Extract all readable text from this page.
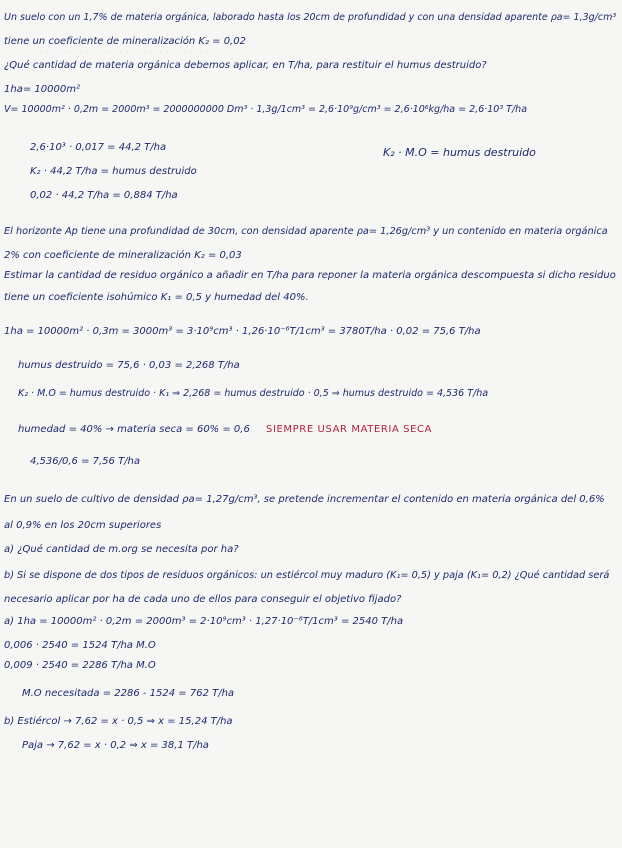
· · · · · · · · · · · · · · · · · · · · · · · · · · · · · · · ·
Un suelo con un 1,7% de materia orgánica, laborado hasta los 20cm de profundidad y con una densidad aparente ρa= 1,3g/cm³
tiene un coeficiente de mineralización K₂ = 0,02
¿Qué cantidad de materia orgánica debemos aplicar, en T/ha, para restituir el humus destruido?
1ha= 10000m²
V= 10000m² · 0,2m = 2000m³ = 2000000000 Dm³ · 1,3g/1cm³ = 2,6·10⁹g/cm³ = 2,6·10⁶kg/ha = 2,6·10³ T/ha
2,6·10³ · 0,017 = 44,2 T/ha
K₂ · 44,2 T/ha = humus destruido
0,02 · 44,2 T/ha = 0,884 T/ha
K₂ · M.O = humus destruido
El horizonte Ap tiene una profundidad de 30cm, con densidad aparente ρa= 1,26g/cm³ y un contenido en materia orgánica
2% con coeficiente de mineralización K₂ = 0,03
Estimar la cantidad de residuo orgánico a añadir en T/ha para reponer la materia orgánica descompuesta si dicho residuo
tiene un coeficiente isohúmico K₁ = 0,5 y humedad del 40%.
1ha = 10000m² · 0,3m = 3000m³ = 3·10⁹cm³ · 1,26·10⁻⁶T/1cm³ = 3780T/ha · 0,02 = 75,6 T/ha
humus destruido = 75,6 · 0,03 = 2,268 T/ha
K₂ · M.O = humus destruido · K₁ ⇒ 2,268 = humus destruido · 0,5 ⇒ humus destruido = 4,536 T/ha
humedad = 40% → materia seca = 60% = 0,6 SIEMPRE USAR MATERIA SECA
4,536/0,6 = 7,56 T/ha
En un suelo de cultivo de densidad ρa= 1,27g/cm³, se pretende incrementar el contenido en materia orgánica del 0,6%
al 0,9% en los 20cm superiores
a) ¿Qué cantidad de m.org se necesita por ha?
b) Si se dispone de dos tipos de residuos orgánicos: un estiércol muy maduro (K₁= 0,5) y paja (K₁= 0,2) ¿Qué cantidad será
necesario aplicar por ha de cada uno de ellos para conseguir el objetivo fijado?
a) 1ha = 10000m² · 0,2m = 2000m³ = 2·10⁹cm³ · 1,27·10⁻⁶T/1cm³ = 2540 T/ha
0,006 · 2540 = 1524 T/ha M.O
0,009 · 2540 = 2286 T/ha M.O
M.O necesitada = 2286 - 1524 = 762 T/ha
b) Estiércol → 7,62 = x · 0,5 ⇒ x = 15,24 T/ha
Paja → 7,62 = x · 0,2 ⇒ x = 38,1 T/ha
